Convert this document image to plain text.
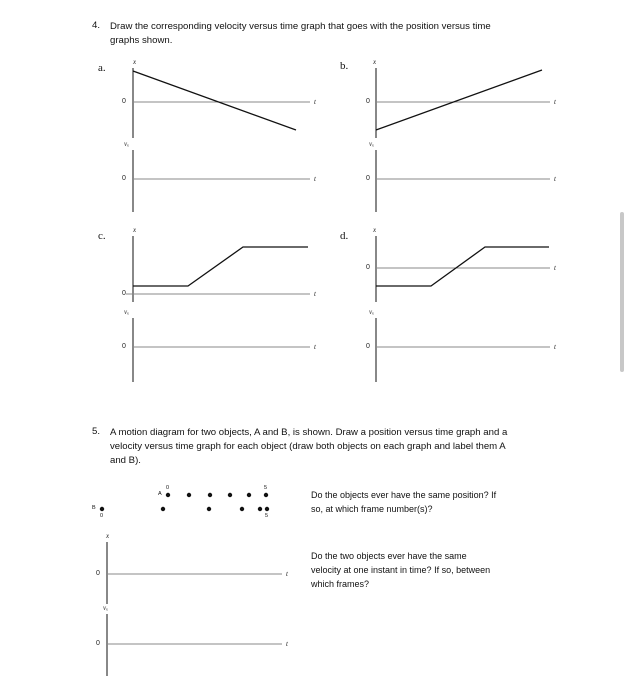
4. Draw the corresponding velocity versus time graph that goes with the position versus time
graphs shown.
a.	b.
c.	d.
x
0	t
vₓ
0	t
x
0	t
vₓ
0	t
x
0	t
vₓ
0	t
x
0	t
vₓ
0	t
5. A motion diagram for two objects, A and B, is shown. Draw a position versus time graph and a
velocity versus time graph for each object (draw both objects on each graph and label them A
and B).
A
0	5
B
0	5
x
0	t
vₓ
0	t
Do the objects ever have the same position? If
so, at which frame number(s)?
Do the two objects ever have the same
velocity at one instant in time? If so, between
which frames?
